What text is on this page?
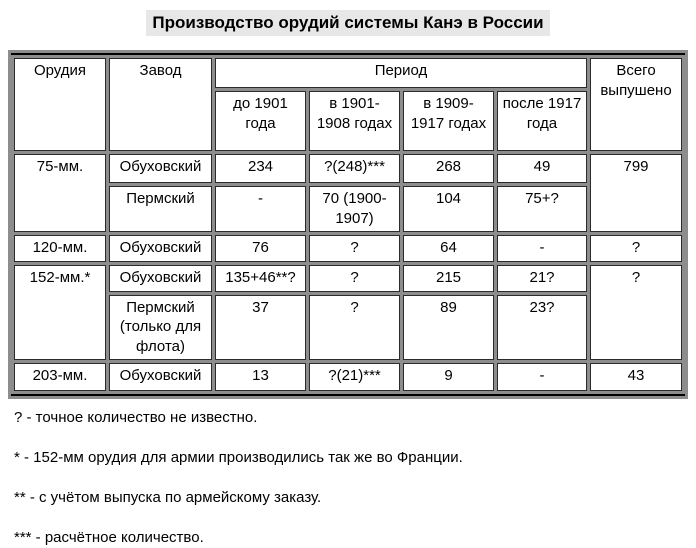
Производство орудий системы Канэ в России
Орудия	Завод	Период				Всего выпушено
		до 1901 года	в 1901-1908 годах	в 1909-1917 годах	после 1917 года	
75-мм.	Обуховский	234	?(248)***	268	49	799
	Пермский	-	70 (1900-1907)	104	75+?	
120-мм.	Обуховский	76	?	64	-	?
152-мм.*	Обуховский	135+46**?	?	215	21?	?
	Пермский (только для флота)	37	?	89	23?	
203-мм.	Обуховский	13	?(21)***	9	-	43
? - точное количество не известно.
* - 152-мм орудия для армии производились так же во Франции.
** - с учётом выпуска по армейскому заказу.
*** - расчётное количество.
